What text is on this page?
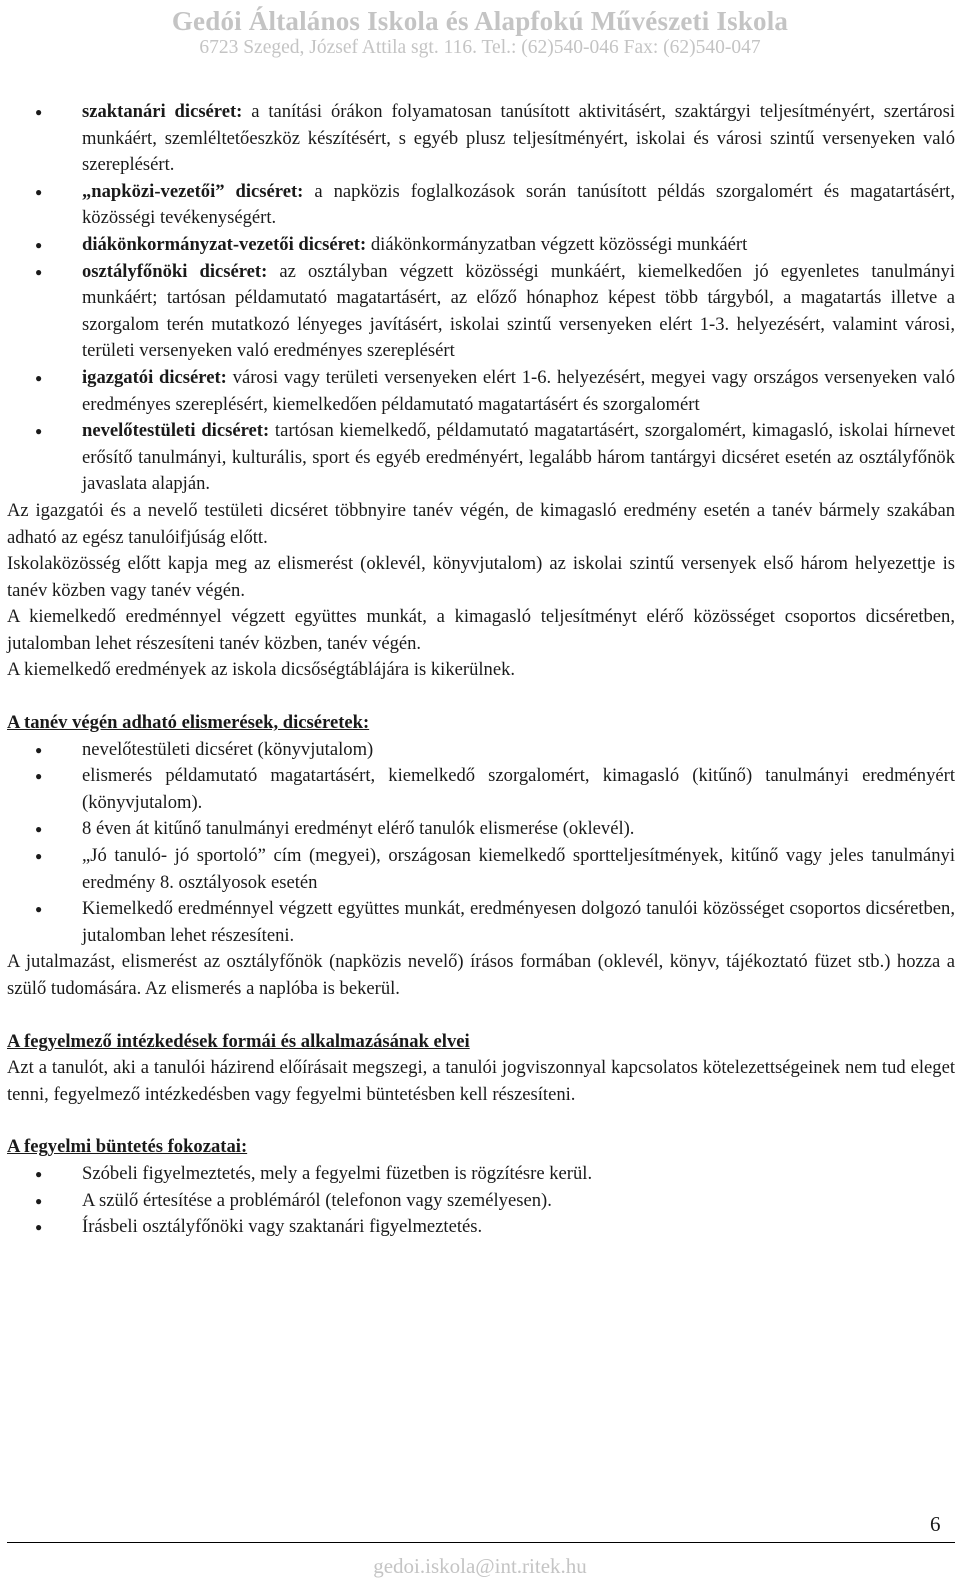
Gedói Általános Iskola és Alapfokú Művészeti Iskola
6723 Szeged, József Attila sgt. 116. Tel.: (62)540-046 Fax: (62)540-047
● szaktanári dicséret: a tanítási órákon folyamatosan tanúsított aktivitásért, szaktárgyi teljesítményért, szertárosi munkáért, szemléltetőeszköz készítésért, s egyéb plusz teljesítményért, iskolai és városi szintű versenyeken való szereplésért.
● „napközi-vezetői” dicséret: a napközis foglalkozások során tanúsított példás szorgalomért és magatartásért, közösségi tevékenységért.
● diákönkormányzat-vezetői dicséret: diákönkormányzatban végzett közösségi munkáért
● osztályfőnöki dicséret: az osztályban végzett közösségi munkáért, kiemelkedően jó egyenletes tanulmányi munkáért; tartósan példamutató magatartásért, az előző hónaphoz képest több tárgyból, a magatartás illetve a szorgalom terén mutatkozó lényeges javításért, iskolai szintű versenyeken elért 1-3. helyezésért, valamint városi, területi versenyeken való eredményes szereplésért
● igazgatói dicséret: városi vagy területi versenyeken elért 1-6. helyezésért, megyei vagy országos versenyeken való eredményes szereplésért, kiemelkedően példamutató magatartásért és szorgalomért
● nevelőtestületi dicséret: tartósan kiemelkedő, példamutató magatartásért, szorgalomért, kimagasló, iskolai hírnevet erősítő tanulmányi, kulturális, sport és egyéb eredményért, legalább három tantárgyi dicséret esetén az osztályfőnök javaslata alapján.

Az igazgatói és a nevelő testületi dicséret többnyire tanév végén, de kimagasló eredmény esetén a tanév bármely szakában adható az egész tanulóifjúság előtt.

Iskolaközösség előtt kapja meg az elismerést (oklevél, könyvjutalom) az iskolai szintű versenyek első három helyezettje is tanév közben vagy tanév végén.

A kiemelkedő eredménnyel végzett együttes munkát, a kimagasló teljesítményt elérő közösséget csoportos dicséretben, jutalomban lehet részesíteni tanév közben, tanév végén.

A kiemelkedő eredmények az iskola dicsőségtáblájára is kikerülnek.

A tanév végén adható elismerések, dicséretek:
● nevelőtestületi dicséret (könyvjutalom)
● elismerés példamutató magatartásért, kiemelkedő szorgalomért, kimagasló (kitűnő) tanulmányi eredményért (könyvjutalom).
● 8 éven át kitűnő tanulmányi eredményt elérő tanulók elismerése (oklevél).
● „Jó tanuló- jó sportoló” cím (megyei), országosan kiemelkedő sportteljesítmények, kitűnő vagy jeles tanulmányi eredmény 8. osztályosok esetén
● Kiemelkedő eredménnyel végzett együttes munkát, eredményesen dolgozó tanulói közösséget csoportos dicséretben, jutalomban lehet részesíteni.

A jutalmazást, elismerést az osztályfőnök (napközis nevelő) írásos formában (oklevél, könyv, tájékoztató füzet stb.) hozza a szülő tudomására. Az elismerés a naplóba is bekerül.

A fegyelmező intézkedések formái és alkalmazásának elvei

Azt a tanulót, aki a tanulói házirend előírásait megszegi, a tanulói jogviszonnyal kapcsolatos kötelezettségeinek nem tud eleget tenni, fegyelmező intézkedésben vagy fegyelmi büntetésben kell részesíteni.

A fegyelmi büntetés fokozatai:
● Szóbeli figyelmeztetés, mely a fegyelmi füzetben is rögzítésre kerül.
● A szülő értesítése a problémáról (telefonon vagy személyesen).
● Írásbeli osztályfőnöki vagy szaktanári figyelmeztetés.
6
gedoi.iskola@int.ritek.hu
